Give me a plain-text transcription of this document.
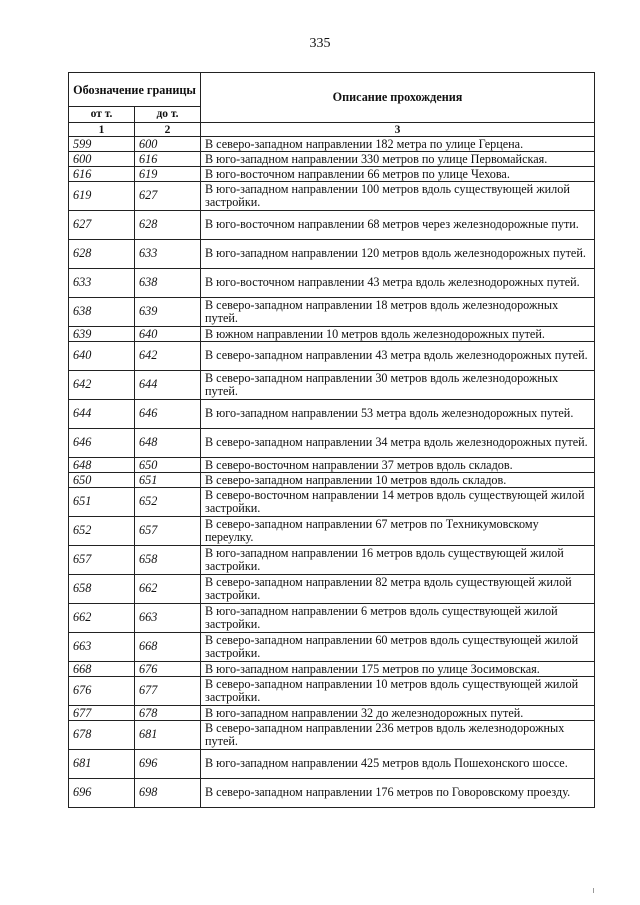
335
Обозначение границы		Описание прохождения
от т.	до т.	
1	2	3
599	600	В северо-западном направлении 182 метра по улице Герцена.
600	616	В юго-западном направлении 330 метров по улице Первомайская.
616	619	В юго-восточном направлении 66 метров по улице Чехова.
619	627	В юго-западном направлении 100 метров вдоль существующей жилой застройки.
627	628	В юго-восточном направлении 68 метров через железнодорожные пути.
628	633	В юго-западном направлении 120 метров вдоль железнодорожных путей.
633	638	В юго-восточном направлении 43 метра вдоль железнодорожных путей.
638	639	В северо-западном направлении 18 метров вдоль железнодорожных путей.
639	640	В южном направлении 10 метров вдоль железнодорожных путей.
640	642	В северо-западном направлении 43 метра вдоль железнодорожных путей.
642	644	В северо-западном направлении 30 метров вдоль железнодорожных путей.
644	646	В юго-западном направлении 53 метра вдоль железнодорожных путей.
646	648	В северо-западном направлении 34 метра вдоль железнодорожных путей.
648	650	В северо-восточном направлении 37 метров вдоль складов.
650	651	В северо-западном направлении 10 метров вдоль складов.
651	652	В северо-восточном направлении 14 метров вдоль существующей жилой застройки.
652	657	В северо-западном направлении 67 метров по Техникумовскому переулку.
657	658	В юго-западном направлении 16 метров вдоль существующей жилой застройки.
658	662	В северо-западном направлении 82 метра вдоль существующей жилой застройки.
662	663	В юго-западном направлении 6 метров вдоль существующей жилой застройки.
663	668	В северо-западном направлении 60 метров вдоль существующей жилой застройки.
668	676	В юго-западном направлении 175 метров по улице Зосимовская.
676	677	В северо-западном направлении 10 метров вдоль существующей жилой застройки.
677	678	В юго-западном направлении 32 до железнодорожных путей.
678	681	В северо-западном направлении 236 метров вдоль железнодорожных путей.
681	696	В юго-западном направлении 425 метров вдоль Пошехонского шоссе.
696	698	В северо-западном направлении 176 метров по Говоровскому проезду.
